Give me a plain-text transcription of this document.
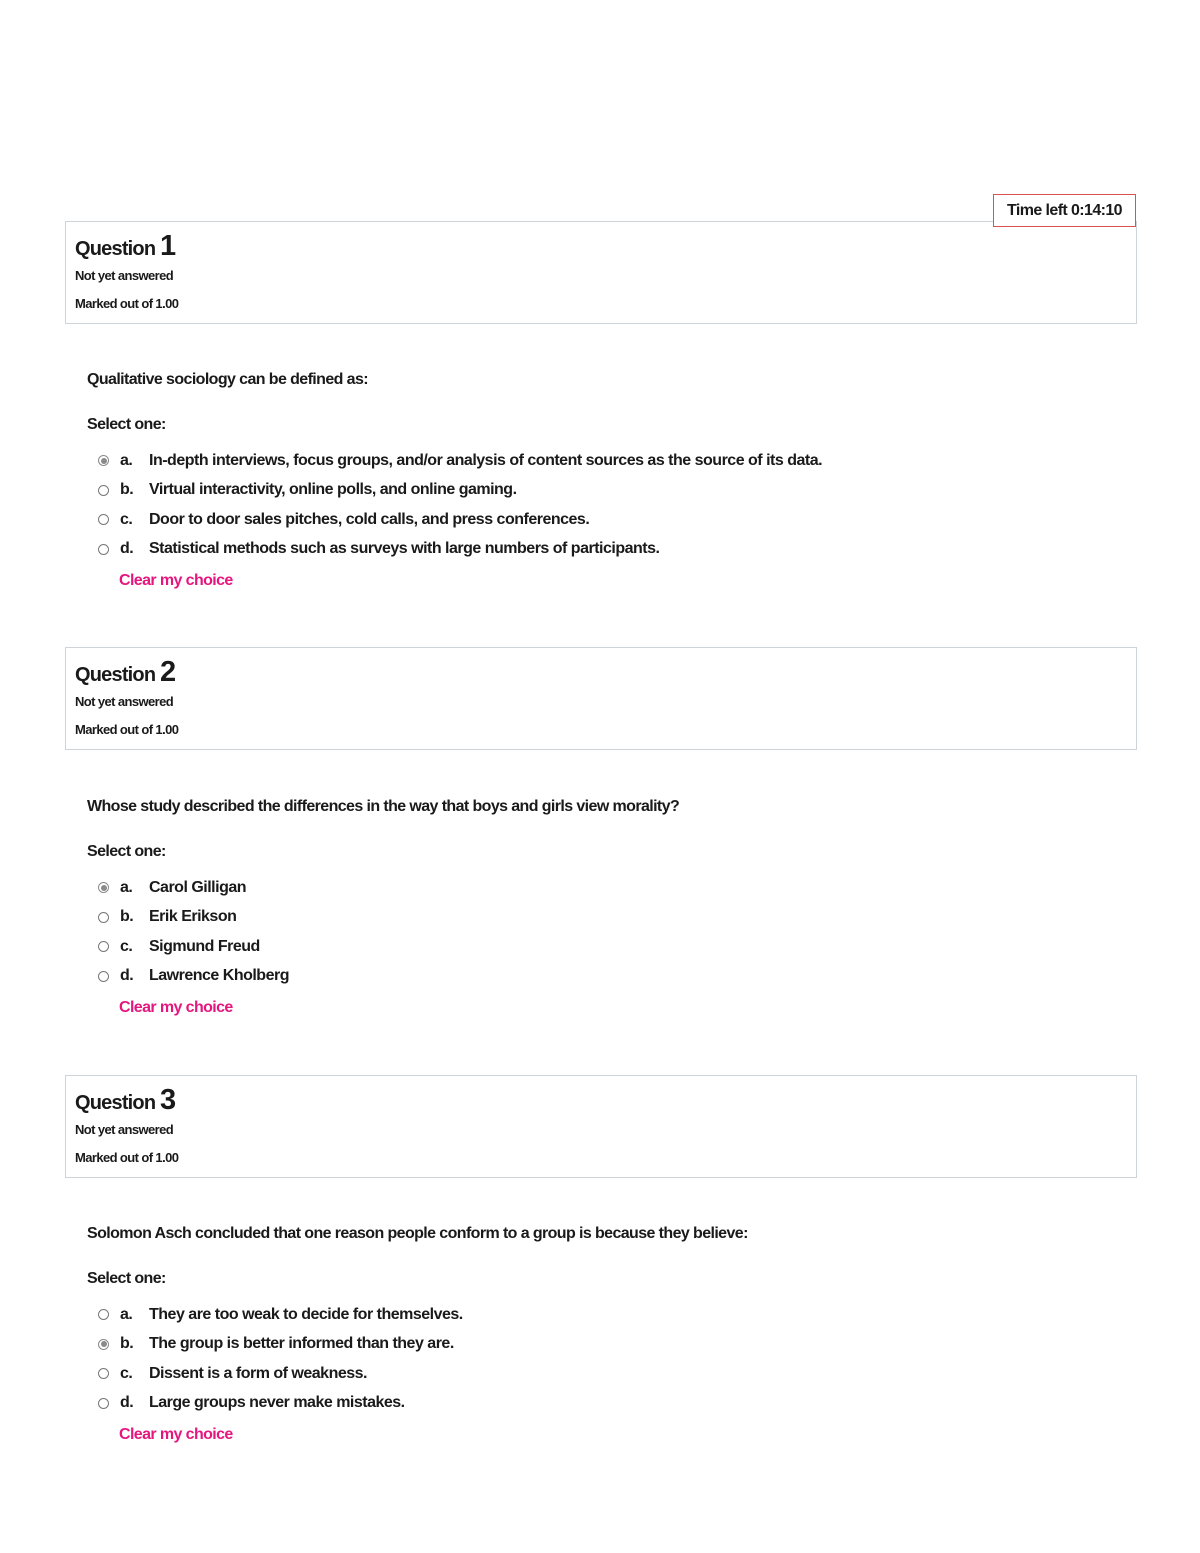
Time left 0:14:10
Question 1
Not yet answered
Marked out of 1.00
Qualitative sociology can be defined as:
Select one:
a.	In-depth interviews, focus groups, and/or analysis of content sources as the source of its data.
b. Virtual interactivity, online polls, and online gaming.
c.	Door to door sales pitches, cold calls, and press conferences.
d. Statistical methods such as surveys with large numbers of participants.
Clear my choice
Question 2
Not yet answered
Marked out of 1.00
Whose study described the differences in the way that boys and girls view morality?
Select one:
a.	Carol Gilligan
b. Erik Erikson
c.	Sigmund Freud
d. Lawrence Kholberg
Clear my choice
Question 3
Not yet answered
Marked out of 1.00
Solomon Asch concluded that one reason people conform to a group is because they believe:
Select one:
a.	They are too weak to decide for themselves.
b. The group is better informed than they are.
c.	Dissent is a form of weakness.
d. Large groups never make mistakes.
Clear my choice
